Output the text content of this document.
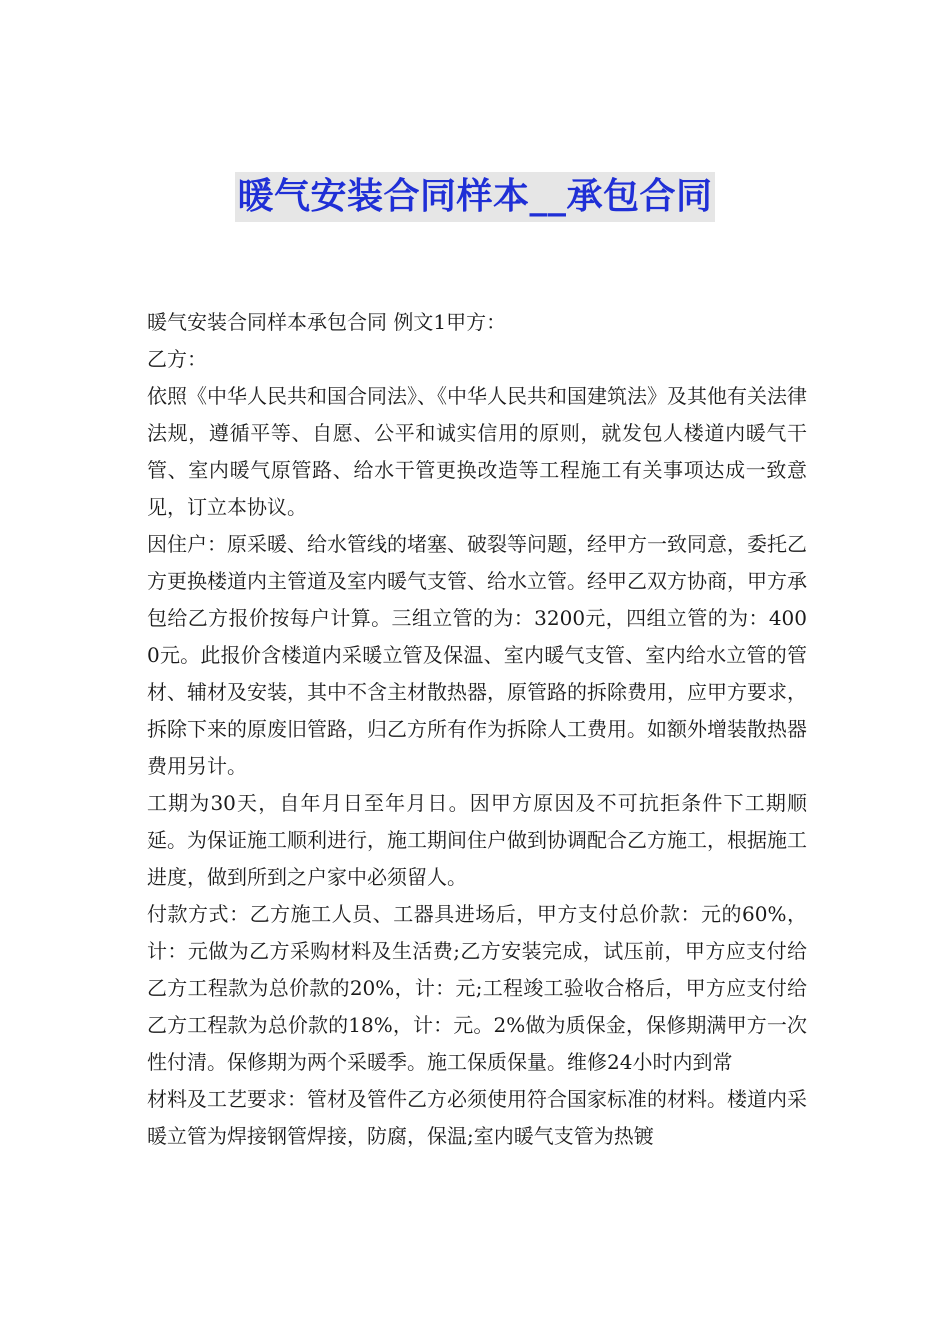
暖气安装合同样本__承包合同

暖气安装合同样本承包合同 例文1甲方：

乙方：

依照《中华人民共和国合同法》、《中华人民共和国建筑法》及其他有关法律法规，遵循平等、自愿、公平和诚实信用的原则，就发包人楼道内暖气干管、室内暖气原管路、给水干管更换改造等工程施工有关事项达成一致意见，订立本协议。

因住户：原采暖、给水管线的堵塞、破裂等问题，经甲方一致同意，委托乙方更换楼道内主管道及室内暖气支管、给水立管。经甲乙双方协商，甲方承包给乙方报价按每户计算。三组立管的为：3200元，四组立管的为：4000元。此报价含楼道内采暖立管及保温、室内暖气支管、室内给水立管的管材、辅材及安装，其中不含主材散热器，原管路的拆除费用，应甲方要求，拆除下来的原废旧管路，归乙方所有作为拆除人工费用。如额外增装散热器费用另计。

工期为30天，自年月日至年月日。因甲方原因及不可抗拒条件下工期顺延。为保证施工顺利进行，施工期间住户做到协调配合乙方施工，根据施工进度，做到所到之户家中必须留人。

付款方式：乙方施工人员、工器具进场后，甲方支付总价款：元的60%，计：元做为乙方采购材料及生活费;乙方安装完成，试压前，甲方应支付给乙方工程款为总价款的20%，计：元;工程竣工验收合格后，甲方应支付给乙方工程款为总价款的18%，计：元。2%做为质保金，保修期满甲方一次性付清。保修期为两个采暖季。施工保质保量。维修24小时内到常

材料及工艺要求：管材及管件乙方必须使用符合国家标准的材料。楼道内采暖立管为焊接钢管焊接，防腐，保温;室内暖气支管为热镀
